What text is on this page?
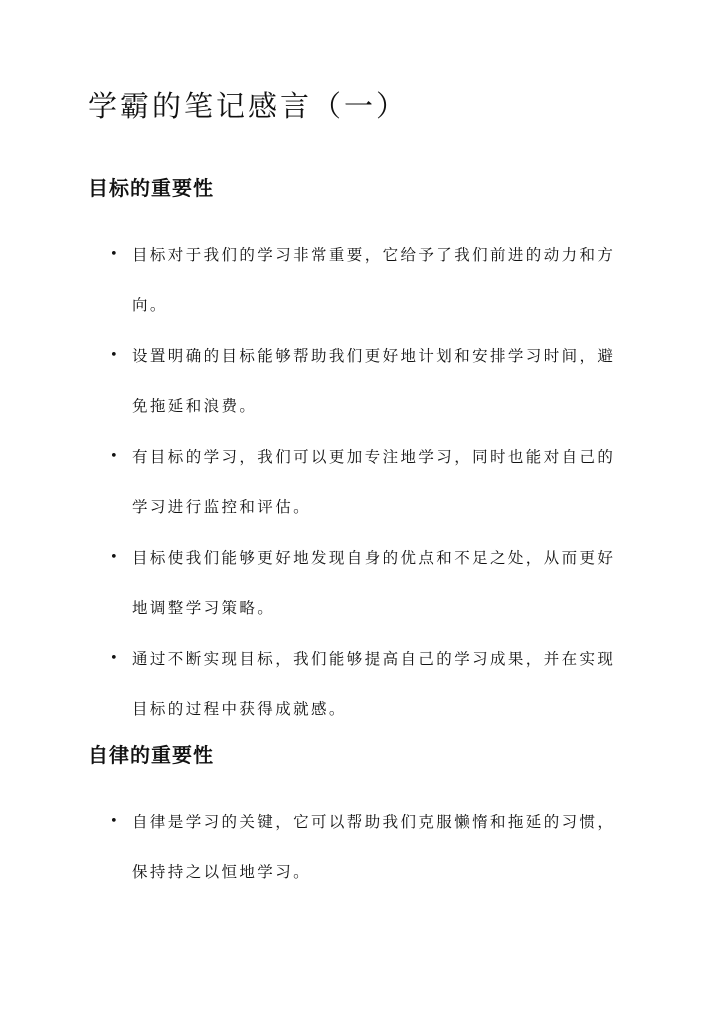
学霸的笔记感言（一）
目标的重要性
• 目标对于我们的学习非常重要，它给予了我们前进的动力和方向。
• 设置明确的目标能够帮助我们更好地计划和安排学习时间，避免拖延和浪费。
• 有目标的学习，我们可以更加专注地学习，同时也能对自己的学习进行监控和评估。
• 目标使我们能够更好地发现自身的优点和不足之处，从而更好地调整学习策略。
• 通过不断实现目标，我们能够提高自己的学习成果，并在实现目标的过程中获得成就感。
自律的重要性
• 自律是学习的关键，它可以帮助我们克服懒惰和拖延的习惯，保持持之以恒地学习。
